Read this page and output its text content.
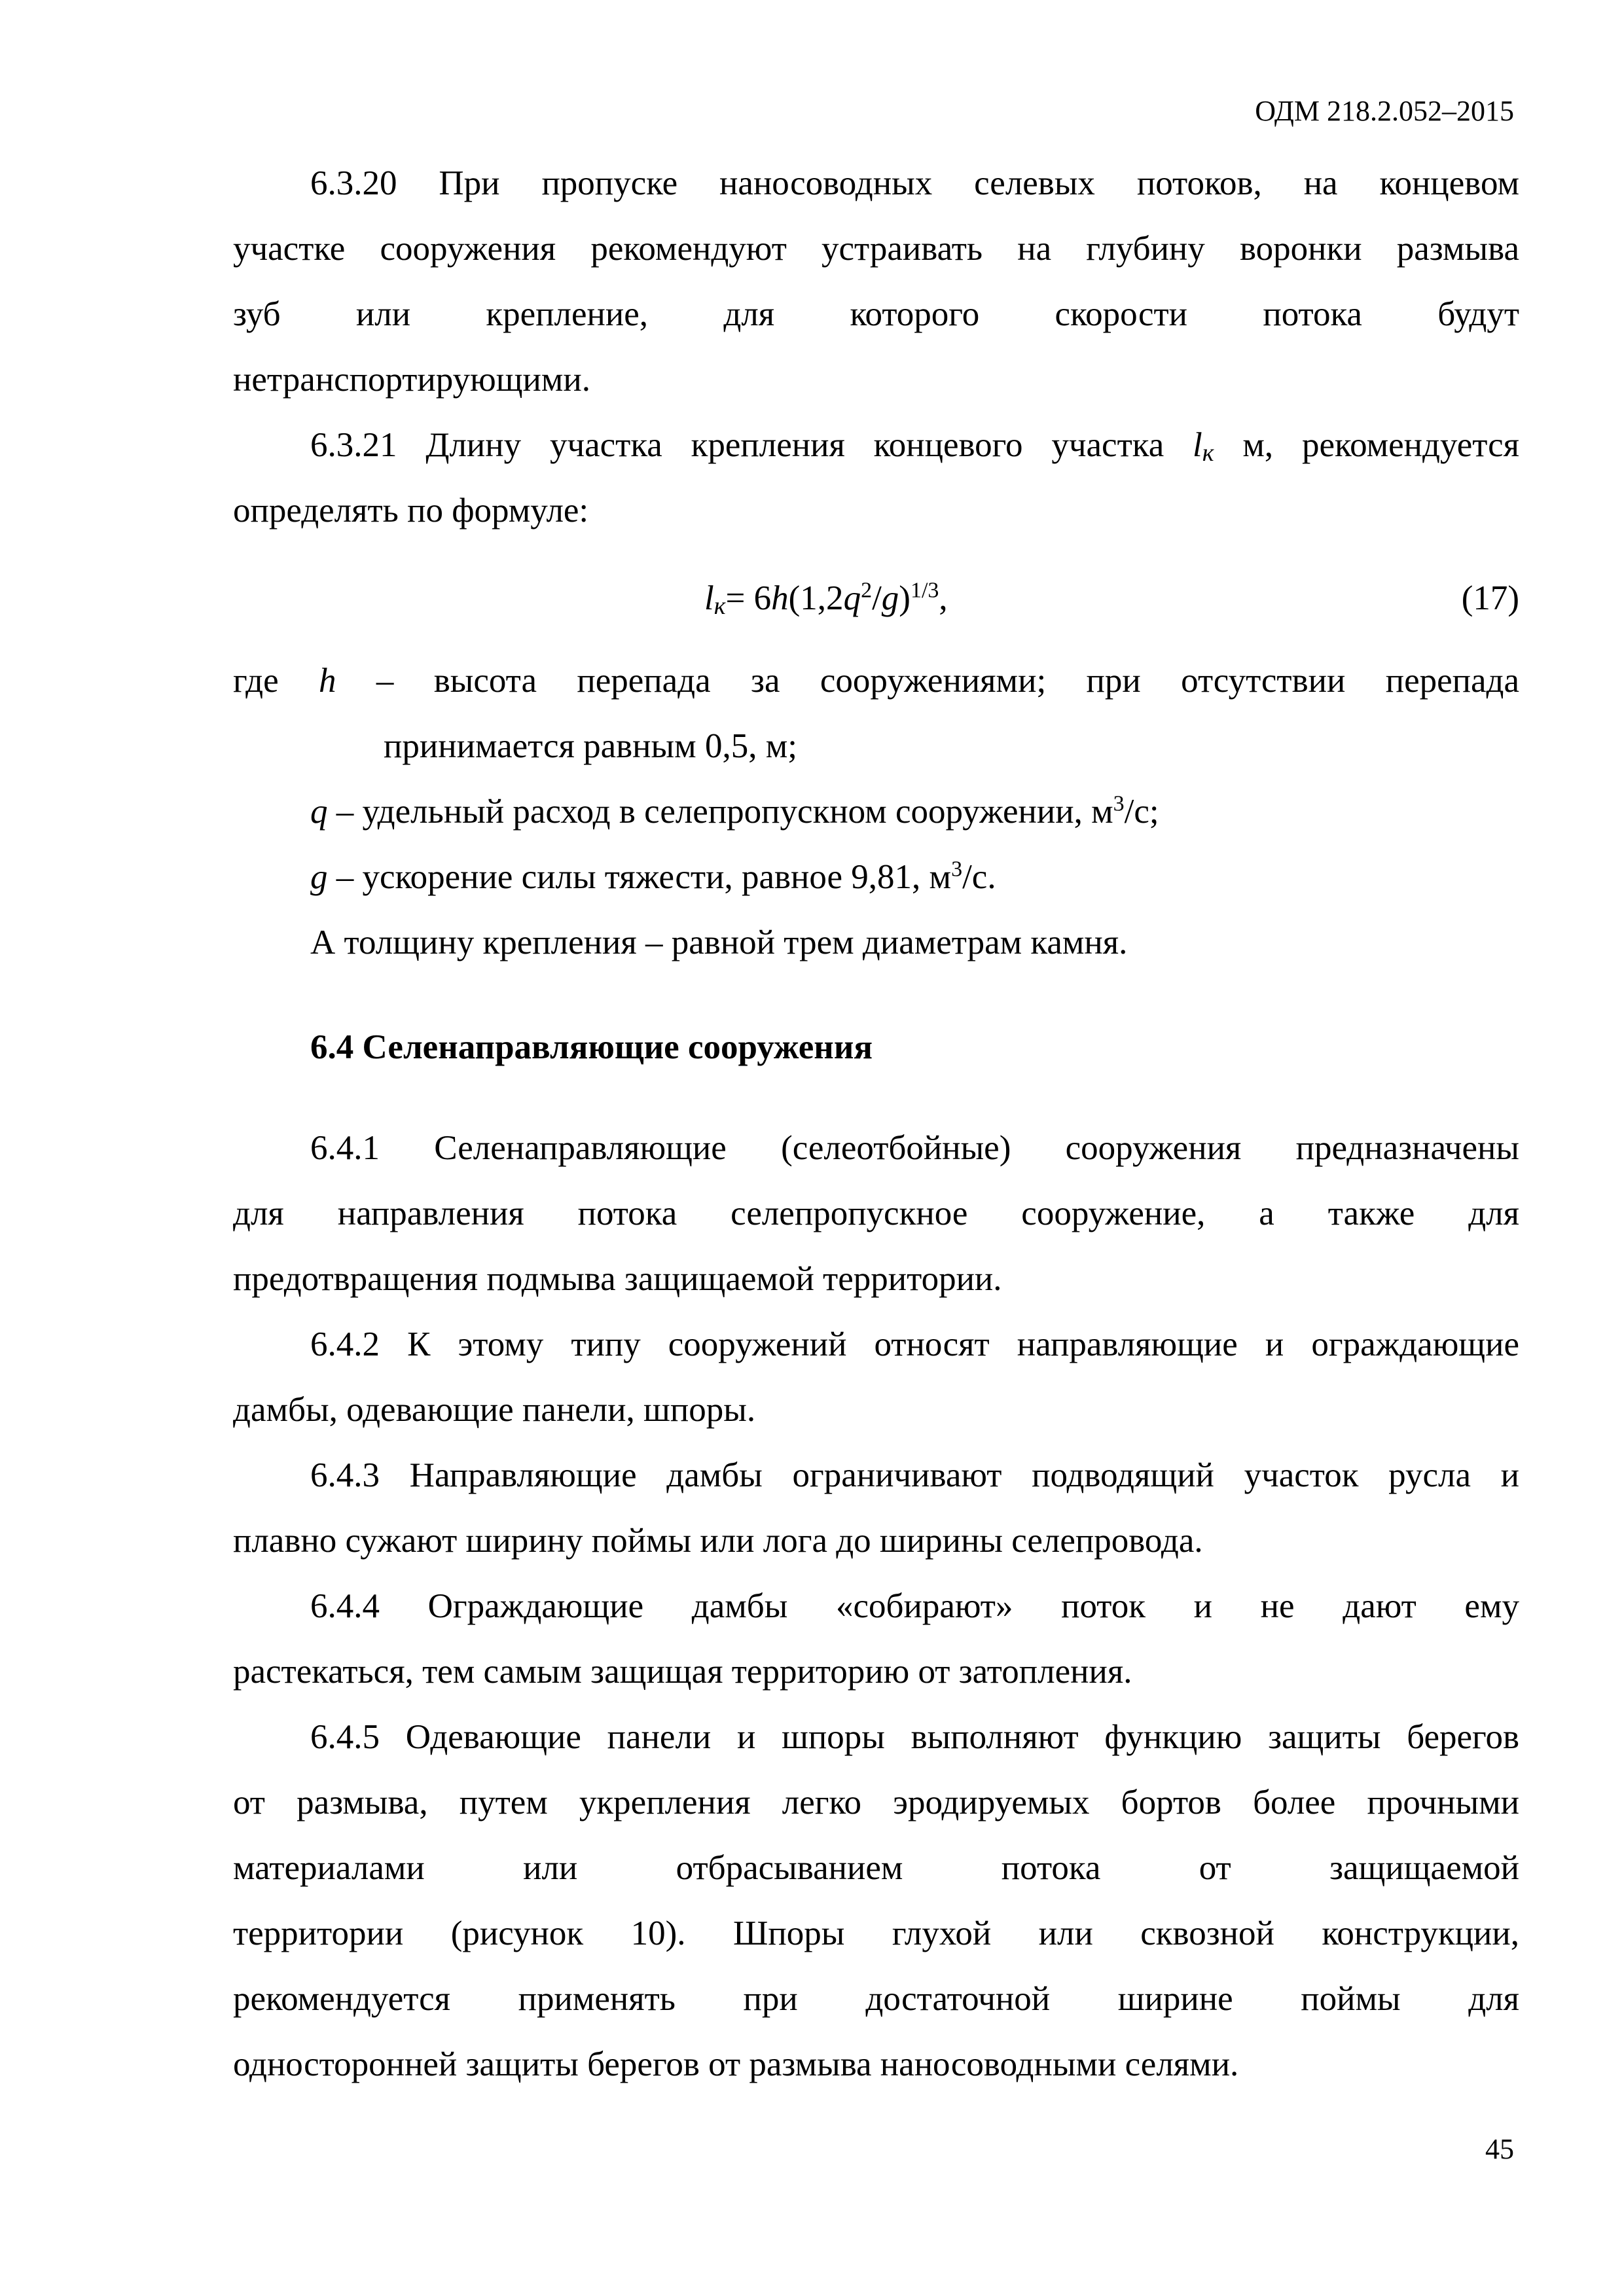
ОДМ 218.2.052–2015
6.3.20 При пропуске наносоводных селевых потоков, на концевом
участке сооружения рекомендуют устраивать на глубину воронки размыва
зуб или крепление, для которого скорости потока будут
нетранспортирующими.
6.3.21 Длину участка крепления концевого участка $l_к$ м, рекомендуется
определять по формуле:
$l_к= 6h(1,2q^2/g)^{1/3}$,	(17)
где h – высота перепада за сооружениями; при отсутствии перепада
принимается равным 0,5, м;
q – удельный расход в селепропускном сооружении, $м^3/с$;
g – ускорение силы тяжести, равное 9,81, $м^3/с$.
А толщину крепления – равной трем диаметрам камня.
6.4 Селенаправляющие сооружения
6.4.1 Селенаправляющие (селеотбойные) сооружения предназначены
для направления потока селепропускное сооружение, а также для
предотвращения подмыва защищаемой территории.
6.4.2 К этому типу сооружений относят направляющие и ограждающие
дамбы, одевающие панели, шпоры.
6.4.3 Направляющие дамбы ограничивают подводящий участок русла и
плавно сужают ширину поймы или лога до ширины селепровода.
6.4.4 Ограждающие дамбы «собирают» поток и не дают ему
растекаться, тем самым защищая территорию от затопления.
6.4.5 Одевающие панели и шпоры выполняют функцию защиты берегов
от размыва, путем укрепления легко эродируемых бортов более прочными
материалами или отбрасыванием потока от защищаемой
территории (рисунок 10). Шпоры глухой или сквозной конструкции,
рекомендуется применять при достаточной ширине поймы для
односторонней защиты берегов от размыва наносоводными селями.
45
